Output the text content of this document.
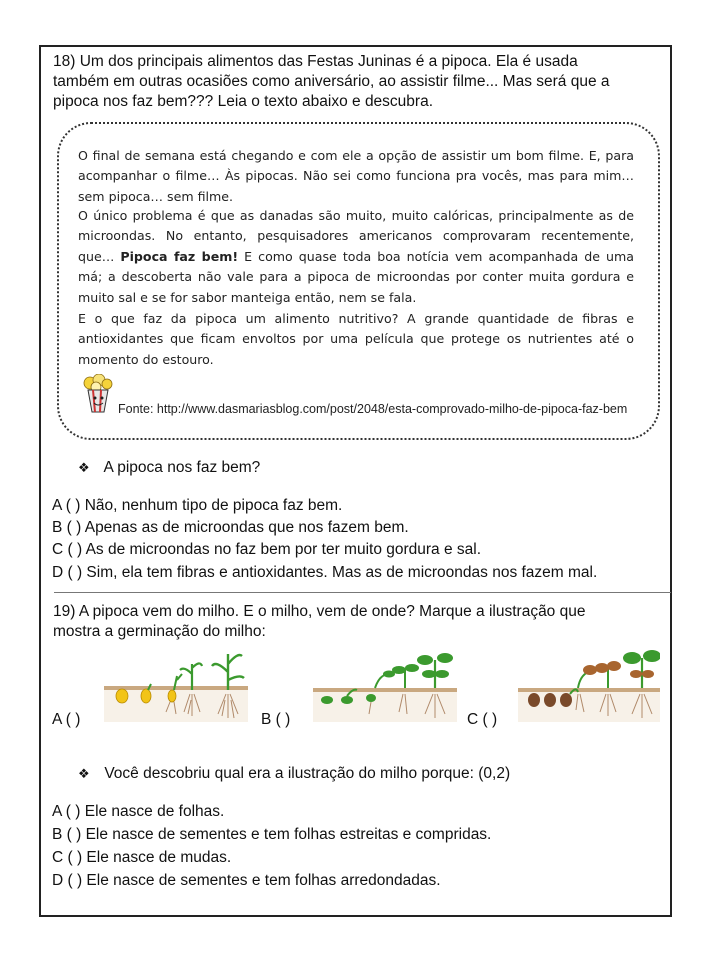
18) Um dos principais alimentos das Festas Juninas é a pipoca. Ela é usada
também em outras ocasiões como aniversário, ao assistir filme... Mas será que a
pipoca nos faz bem??? Leia o texto abaixo e descubra.
O final de semana está chegando e com ele a opção de assistir um bom filme. E, para acompanhar o filme… Às pipocas. Não sei como funciona pra vocês, mas para mim… sem pipoca… sem filme.
O único problema é que as danadas são muito, muito calóricas, principalmente as de microondas. No entanto, pesquisadores americanos comprovaram recentemente, que… Pipoca faz bem! E como quase toda boa notícia vem acompanhada de uma má; a descoberta não vale para a pipoca de microondas por conter muita gordura e muito sal e se for sabor manteiga então, nem se fala.
E o que faz da pipoca um alimento nutritivo? A grande quantidade de fibras e antioxidantes que ficam envoltos por uma película que protege os nutrientes até o momento do estouro.
Fonte: http://www.dasmariasblog.com/post/2048/esta-comprovado-milho-de-pipoca-faz-bem
❖ A pipoca nos faz bem?
A ( ) Não, nenhum tipo de pipoca faz bem.
B ( ) Apenas as de microondas que nos fazem bem.
C ( ) As de microondas no faz bem por ter muito gordura e sal.
D ( ) Sim, ela tem fibras e antioxidantes. Mas as de microondas nos fazem mal.
19) A pipoca vem do milho. E o milho, vem de onde? Marque a ilustração que
mostra a germinação do milho:
A ( )	B ( )	C ( )
❖ Você descobriu qual era a ilustração do milho porque: (0,2)
A ( ) Ele nasce de folhas.
B ( ) Ele nasce de sementes e tem folhas estreitas e compridas.
C ( ) Ele nasce de mudas.
D ( ) Ele nasce de sementes e tem folhas arredondadas.
